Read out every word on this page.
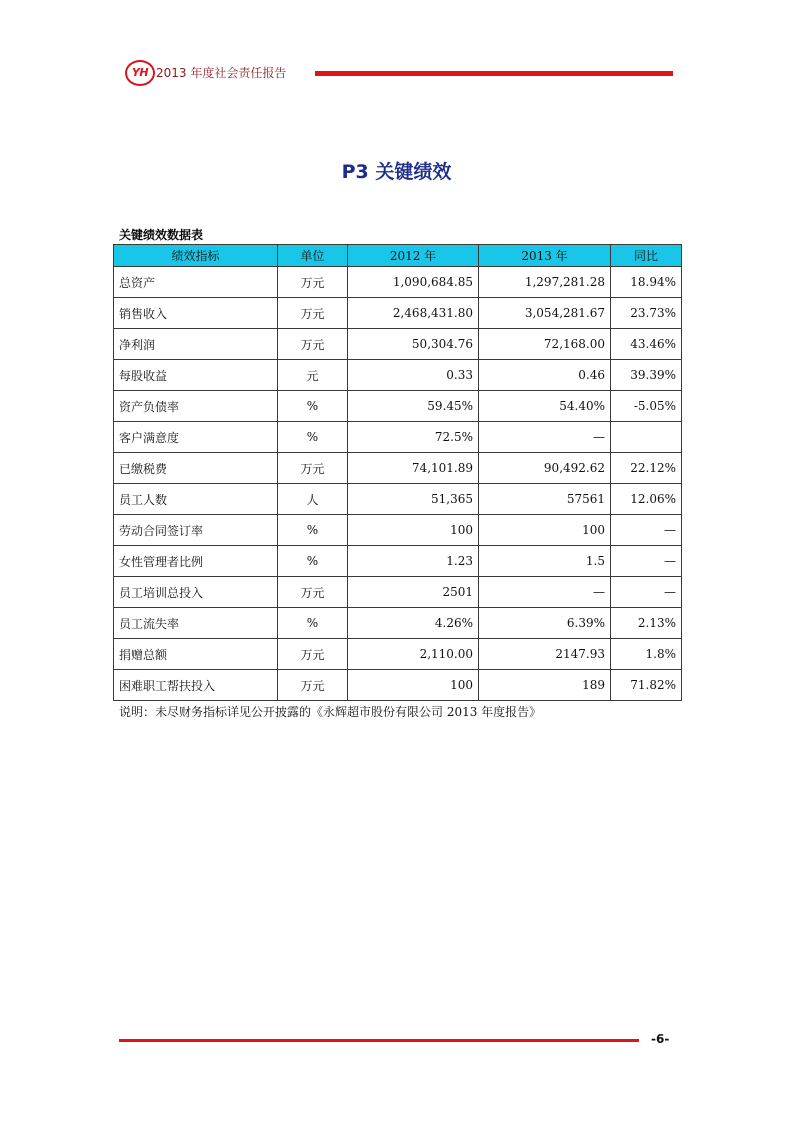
YH 2013 年度社会责任报告
P3 关键绩效
关键绩效数据表
绩效指标	单位	2012 年	2013 年	同比
总资产	万元	1,090,684.85	1,297,281.28	18.94%
销售收入	万元	2,468,431.80	3,054,281.67	23.73%
净利润	万元	50,304.76	72,168.00	43.46%
每股收益	元	0.33	0.46	39.39%
资产负债率	%	59.45%	54.40%	-5.05%
客户满意度	%	72.5%	—	
已缴税费	万元	74,101.89	90,492.62	22.12%
员工人数	人	51,365	57561	12.06%
劳动合同签订率	%	100	100	—
女性管理者比例	%	1.23	1.5	—
员工培训总投入	万元	2501	—	—
员工流失率	%	4.26%	6.39%	2.13%
捐赠总额	万元	2,110.00	2147.93	1.8%
困难职工帮扶投入	万元	100	189	71.82%
说明：未尽财务指标详见公开披露的《永辉超市股份有限公司 2013 年度报告》
-6-
